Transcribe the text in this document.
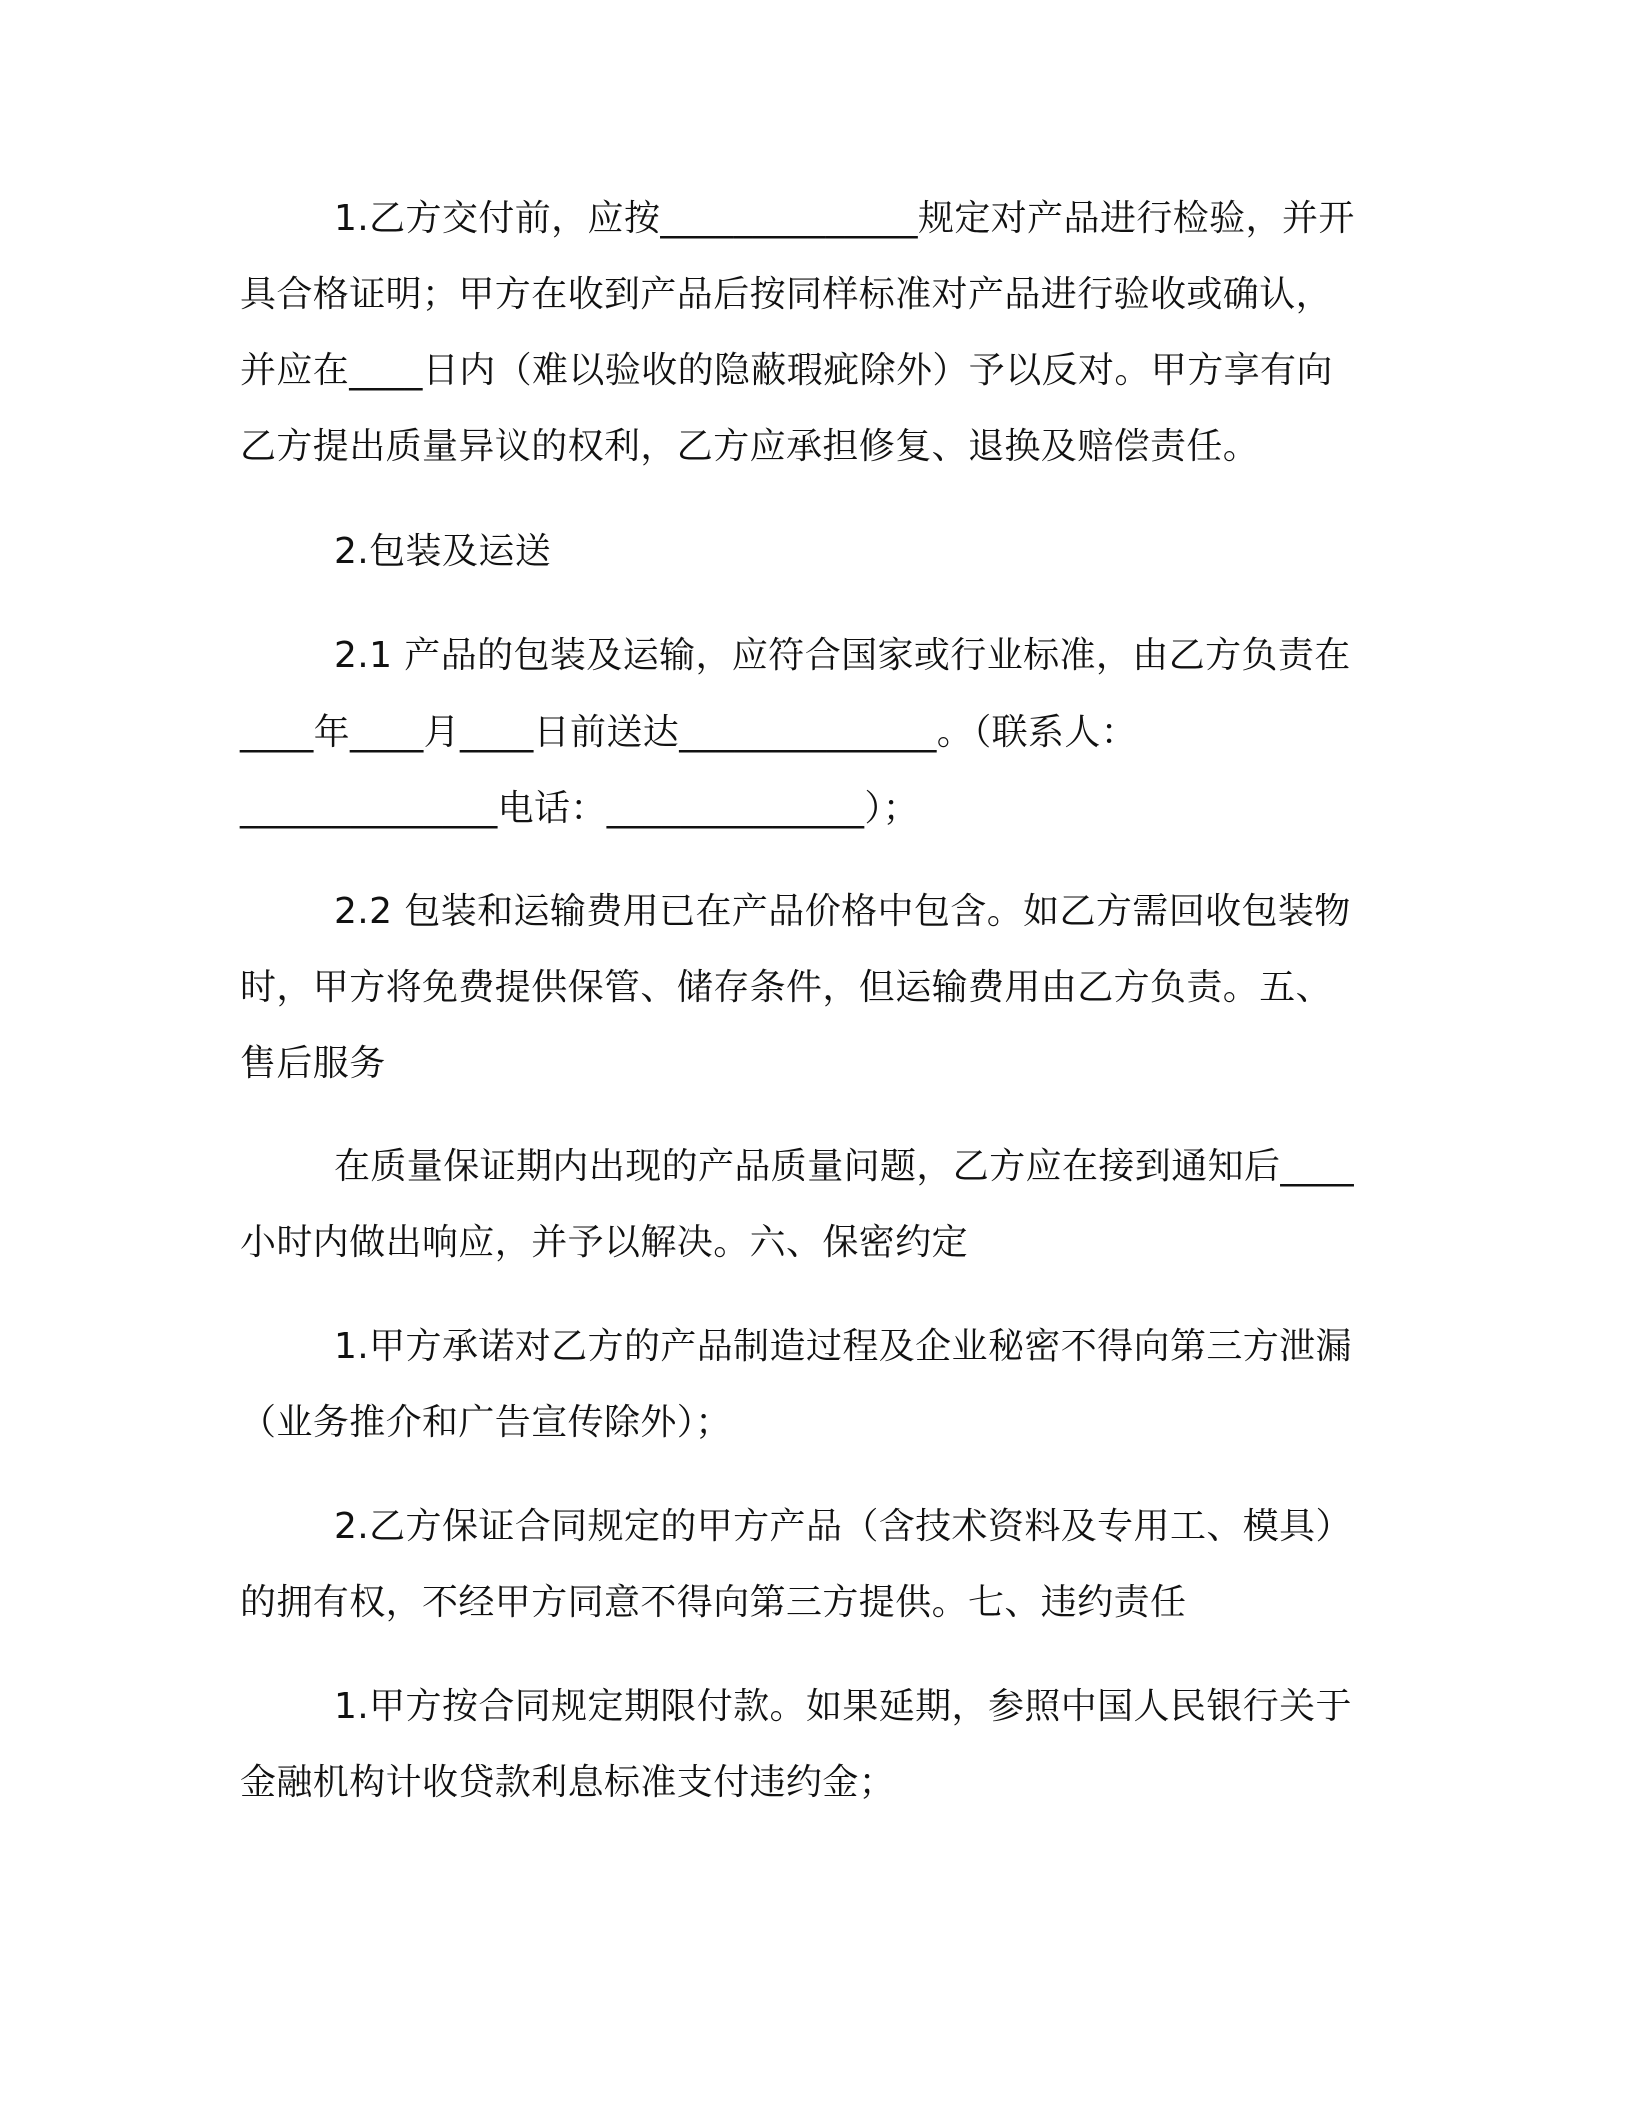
1.乙方交付前，应按______________规定对产品进行检验，并开
具合格证明；甲方在收到产品后按同样标准对产品进行验收或确认，
并应在____日内（难以验收的隐蔽瑕疵除外）予以反对。甲方享有向
乙方提出质量异议的权利，乙方应承担修复、退换及赔偿责任。
2.包装及运送
2.1 产品的包装及运输，应符合国家或行业标准，由乙方负责在
____年____月____日前送达______________。（联系人：
______________电话：______________）；
2.2 包装和运输费用已在产品价格中包含。如乙方需回收包装物
时，甲方将免费提供保管、储存条件，但运输费用由乙方负责。五、
售后服务
在质量保证期内出现的产品质量问题，乙方应在接到通知后____
小时内做出响应，并予以解决。六、保密约定
1.甲方承诺对乙方的产品制造过程及企业秘密不得向第三方泄漏
（业务推介和广告宣传除外）；
2.乙方保证合同规定的甲方产品（含技术资料及专用工、模具）
的拥有权，不经甲方同意不得向第三方提供。七、违约责任
1.甲方按合同规定期限付款。如果延期，参照中国人民银行关于
金融机构计收贷款利息标准支付违约金；
